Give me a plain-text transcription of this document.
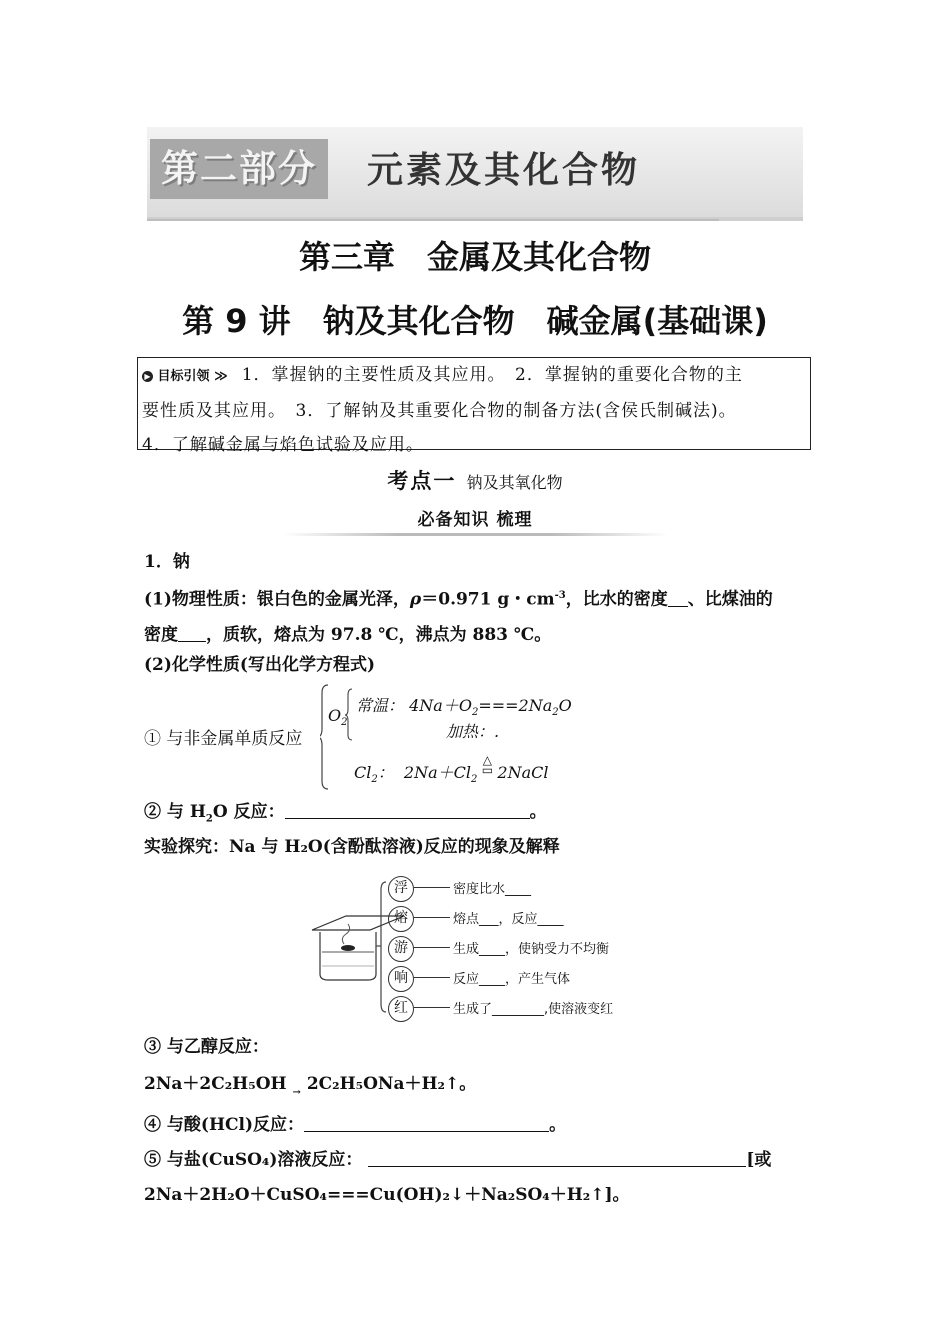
第二部分	元素及其化合物
第三章　金属及其化合物
第 9 讲　钠及其化合物　碱金属(基础课)
▶ 目标引领 ≫ 1．掌握钠的主要性质及其应用。　2．掌握钠的重要化合物的主
要性质及其应用。　3．了解钠及其重要化合物的制备方法(含侯氏制碱法)。
4．了解碱金属与焰色试验及应用。
考点一 钠及其氧化物
必备知识 梳理
1．钠
(1)物理性质：银白色的金属光泽，ρ＝0.971 g・$cm^{-3}$，比水的密度 、比煤油的
密度 ，质软，熔点为 97.8 ℃，沸点为 883 ℃。
(2)化学性质(写出化学方程式)
① 与非金属单质反应
$O_2$
常温： $4Na+O_2===2Na_2O$
加热：.
$Cl_2$：  $2Na+Cl_2\triangle$
▭ 2NaCl
② 与 $H_2O$ 反应：	。
实验探究：Na 与 H₂O(含酚酞溶液)反应的现象及解释
浮	密度比水____
熔	熔点___，反应____
游	生成____，使钠受力不均衡
响	反应____，产生气体
红	生成了________,使溶液变红
③ 与乙醇反应：
2Na＋2C₂H₅OH $_\to$ 2C₂H₅ONa＋H₂↑。
④ 与酸(HCl)反应：	。
⑤ 与盐(CuSO₄)溶液反应：	[或
2Na＋2H₂O＋CuSO₄===Cu(OH)₂↓＋Na₂SO₄＋H₂↑]。
